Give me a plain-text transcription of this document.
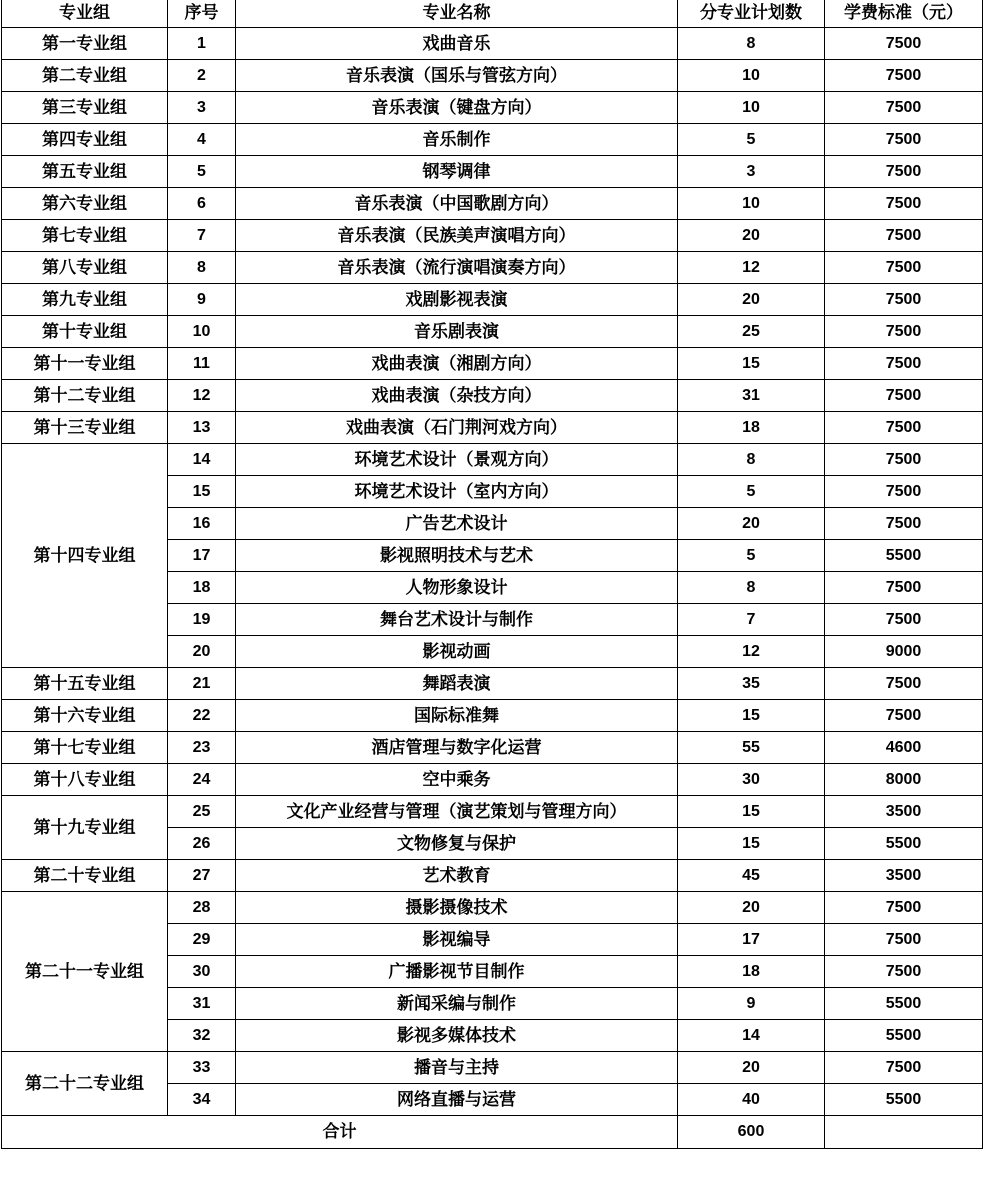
专业组	序号	专业名称	分专业计划数	学费标准（元）
第一专业组	1	戏曲音乐	8	7500
第二专业组	2	音乐表演（国乐与管弦方向）	10	7500
第三专业组	3	音乐表演（键盘方向）	10	7500
第四专业组	4	音乐制作	5	7500
第五专业组	5	钢琴调律	3	7500
第六专业组	6	音乐表演（中国歌剧方向）	10	7500
第七专业组	7	音乐表演（民族美声演唱方向）	20	7500
第八专业组	8	音乐表演（流行演唱演奏方向）	12	7500
第九专业组	9	戏剧影视表演	20	7500
第十专业组	10	音乐剧表演	25	7500
第十一专业组	11	戏曲表演（湘剧方向）	15	7500
第十二专业组	12	戏曲表演（杂技方向）	31	7500
第十三专业组	13	戏曲表演（石门荆河戏方向）	18	7500
第十四专业组	14	环境艺术设计（景观方向）	8	7500
	15	环境艺术设计（室内方向）	5	7500
	16	广告艺术设计	20	7500
	17	影视照明技术与艺术	5	5500
	18	人物形象设计	8	7500
	19	舞台艺术设计与制作	7	7500
	20	影视动画	12	9000
第十五专业组	21	舞蹈表演	35	7500
第十六专业组	22	国际标准舞	15	7500
第十七专业组	23	酒店管理与数字化运营	55	4600
第十八专业组	24	空中乘务	30	8000
第十九专业组	25	文化产业经营与管理（演艺策划与管理方向）	15	3500
	26	文物修复与保护	15	5500
第二十专业组	27	艺术教育	45	3500
第二十一专业组	28	摄影摄像技术	20	7500
	29	影视编导	17	7500
	30	广播影视节目制作	18	7500
	31	新闻采编与制作	9	5500
	32	影视多媒体技术	14	5500
第二十二专业组	33	播音与主持	20	7500
	34	网络直播与运营	40	5500
合计			600	
